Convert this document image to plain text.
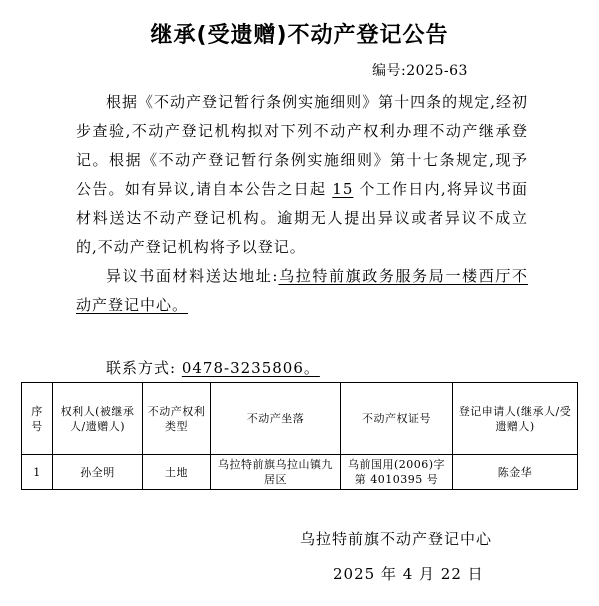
继承(受遗赠)不动产登记公告
编号:2025-63

根据《不动产登记暂行条例实施细则》第十四条的规定,经初步查验,不动产登记机构拟对下列不动产权利办理不动产继承登记。根据《不动产登记暂行条例实施细则》第十七条规定,现予公告。如有异议,请自本公告之日起 15 个工作日内,将异议书面材料送达不动产登记机构。逾期无人提出异议或者异议不成立的,不动产登记机构将予以登记。

异议书面材料送达地址:乌拉特前旗政务服务局一楼西厅不动产登记中心。

联系方式: 0478-3235806。
序号	权利人(被继承人/遗赠人)	不动产权利类型	不动产坐落	不动产权证号	登记申请人(继承人/受遗赠人)
1	孙全明	土地	乌拉特前旗乌拉山镇九居区	乌前国用(2006)字第 4010395 号	陈金华
乌拉特前旗不动产登记中心
2025 年 4 月 22 日
